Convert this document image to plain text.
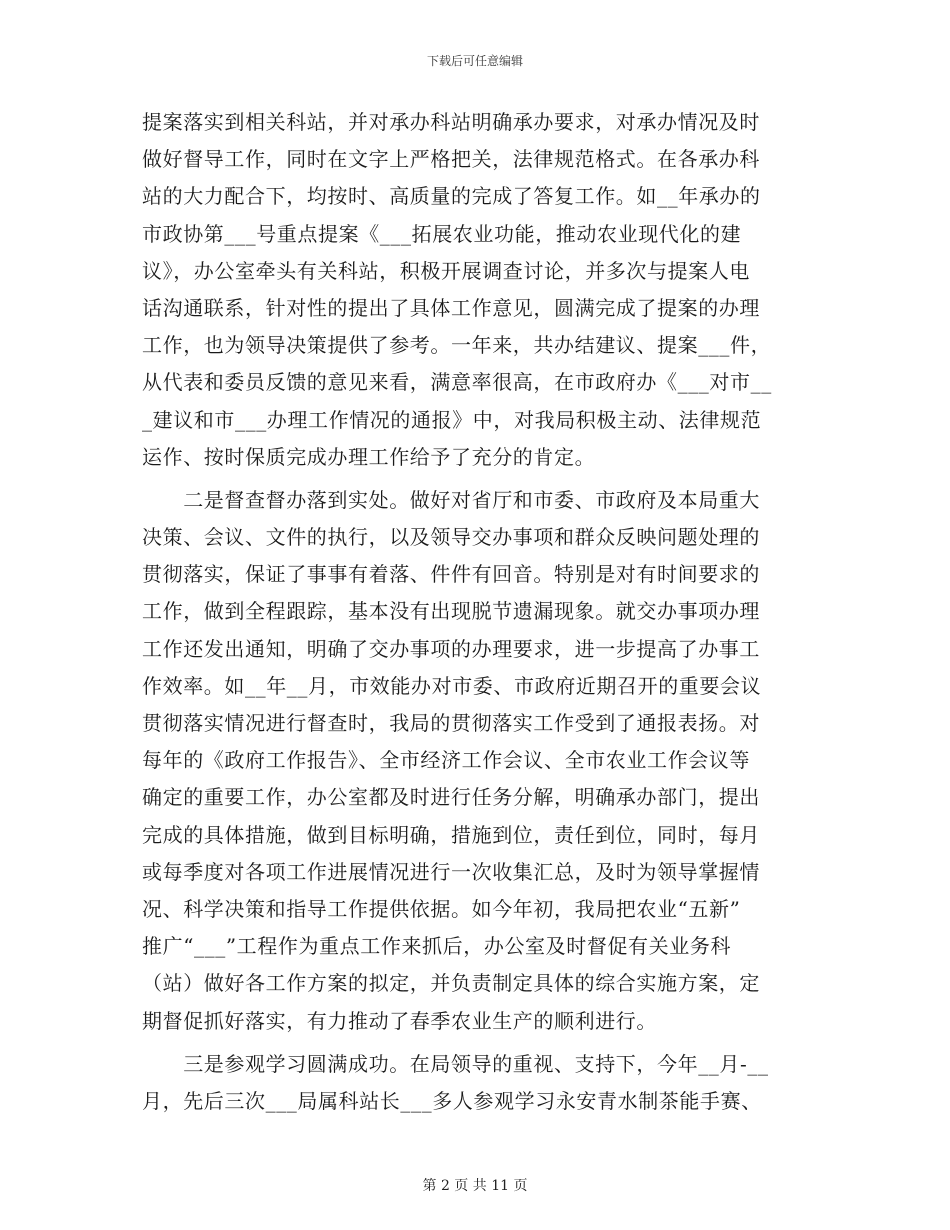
下载后可任意编辑
提案落实到相关科站，并对承办科站明确承办要求，对承办情况及时
做好督导工作，同时在文字上严格把关，法律规范格式。在各承办科
站的大力配合下，均按时、高质量的完成了答复工作。如__年承办的
市政协第___号重点提案《___拓展农业功能，推动农业现代化的建
议》，办公室牵头有关科站，积极开展调查讨论，并多次与提案人电
话沟通联系，针对性的提出了具体工作意见，圆满完成了提案的办理
工作，也为领导决策提供了参考。一年来，共办结建议、提案___件，
从代表和委员反馈的意见来看，满意率很高，在市政府办《___对市__
_建议和市___办理工作情况的通报》中，对我局积极主动、法律规范
运作、按时保质完成办理工作给予了充分的肯定。
　　二是督查督办落到实处。做好对省厅和市委、市政府及本局重大
决策、会议、文件的执行，以及领导交办事项和群众反映问题处理的
贯彻落实，保证了事事有着落、件件有回音。特别是对有时间要求的
工作，做到全程跟踪，基本没有出现脱节遗漏现象。就交办事项办理
工作还发出通知，明确了交办事项的办理要求，进一步提高了办事工
作效率。如__年__月，市效能办对市委、市政府近期召开的重要会议
贯彻落实情况进行督查时，我局的贯彻落实工作受到了通报表扬。对
每年的《政府工作报告》、全市经济工作会议、全市农业工作会议等
确定的重要工作，办公室都及时进行任务分解，明确承办部门，提出
完成的具体措施，做到目标明确，措施到位，责任到位，同时，每月
或每季度对各项工作进展情况进行一次收集汇总，及时为领导掌握情
况、科学决策和指导工作提供依据。如今年初，我局把农业“五新”
推广“___”工程作为重点工作来抓后，办公室及时督促有关业务科
（站）做好各工作方案的拟定，并负责制定具体的综合实施方案，定
期督促抓好落实，有力推动了春季农业生产的顺利进行。
　　三是参观学习圆满成功。在局领导的重视、支持下，今年__月-__
月，先后三次___局属科站长___多人参观学习永安青水制茶能手赛、
第 2 页 共 11 页
